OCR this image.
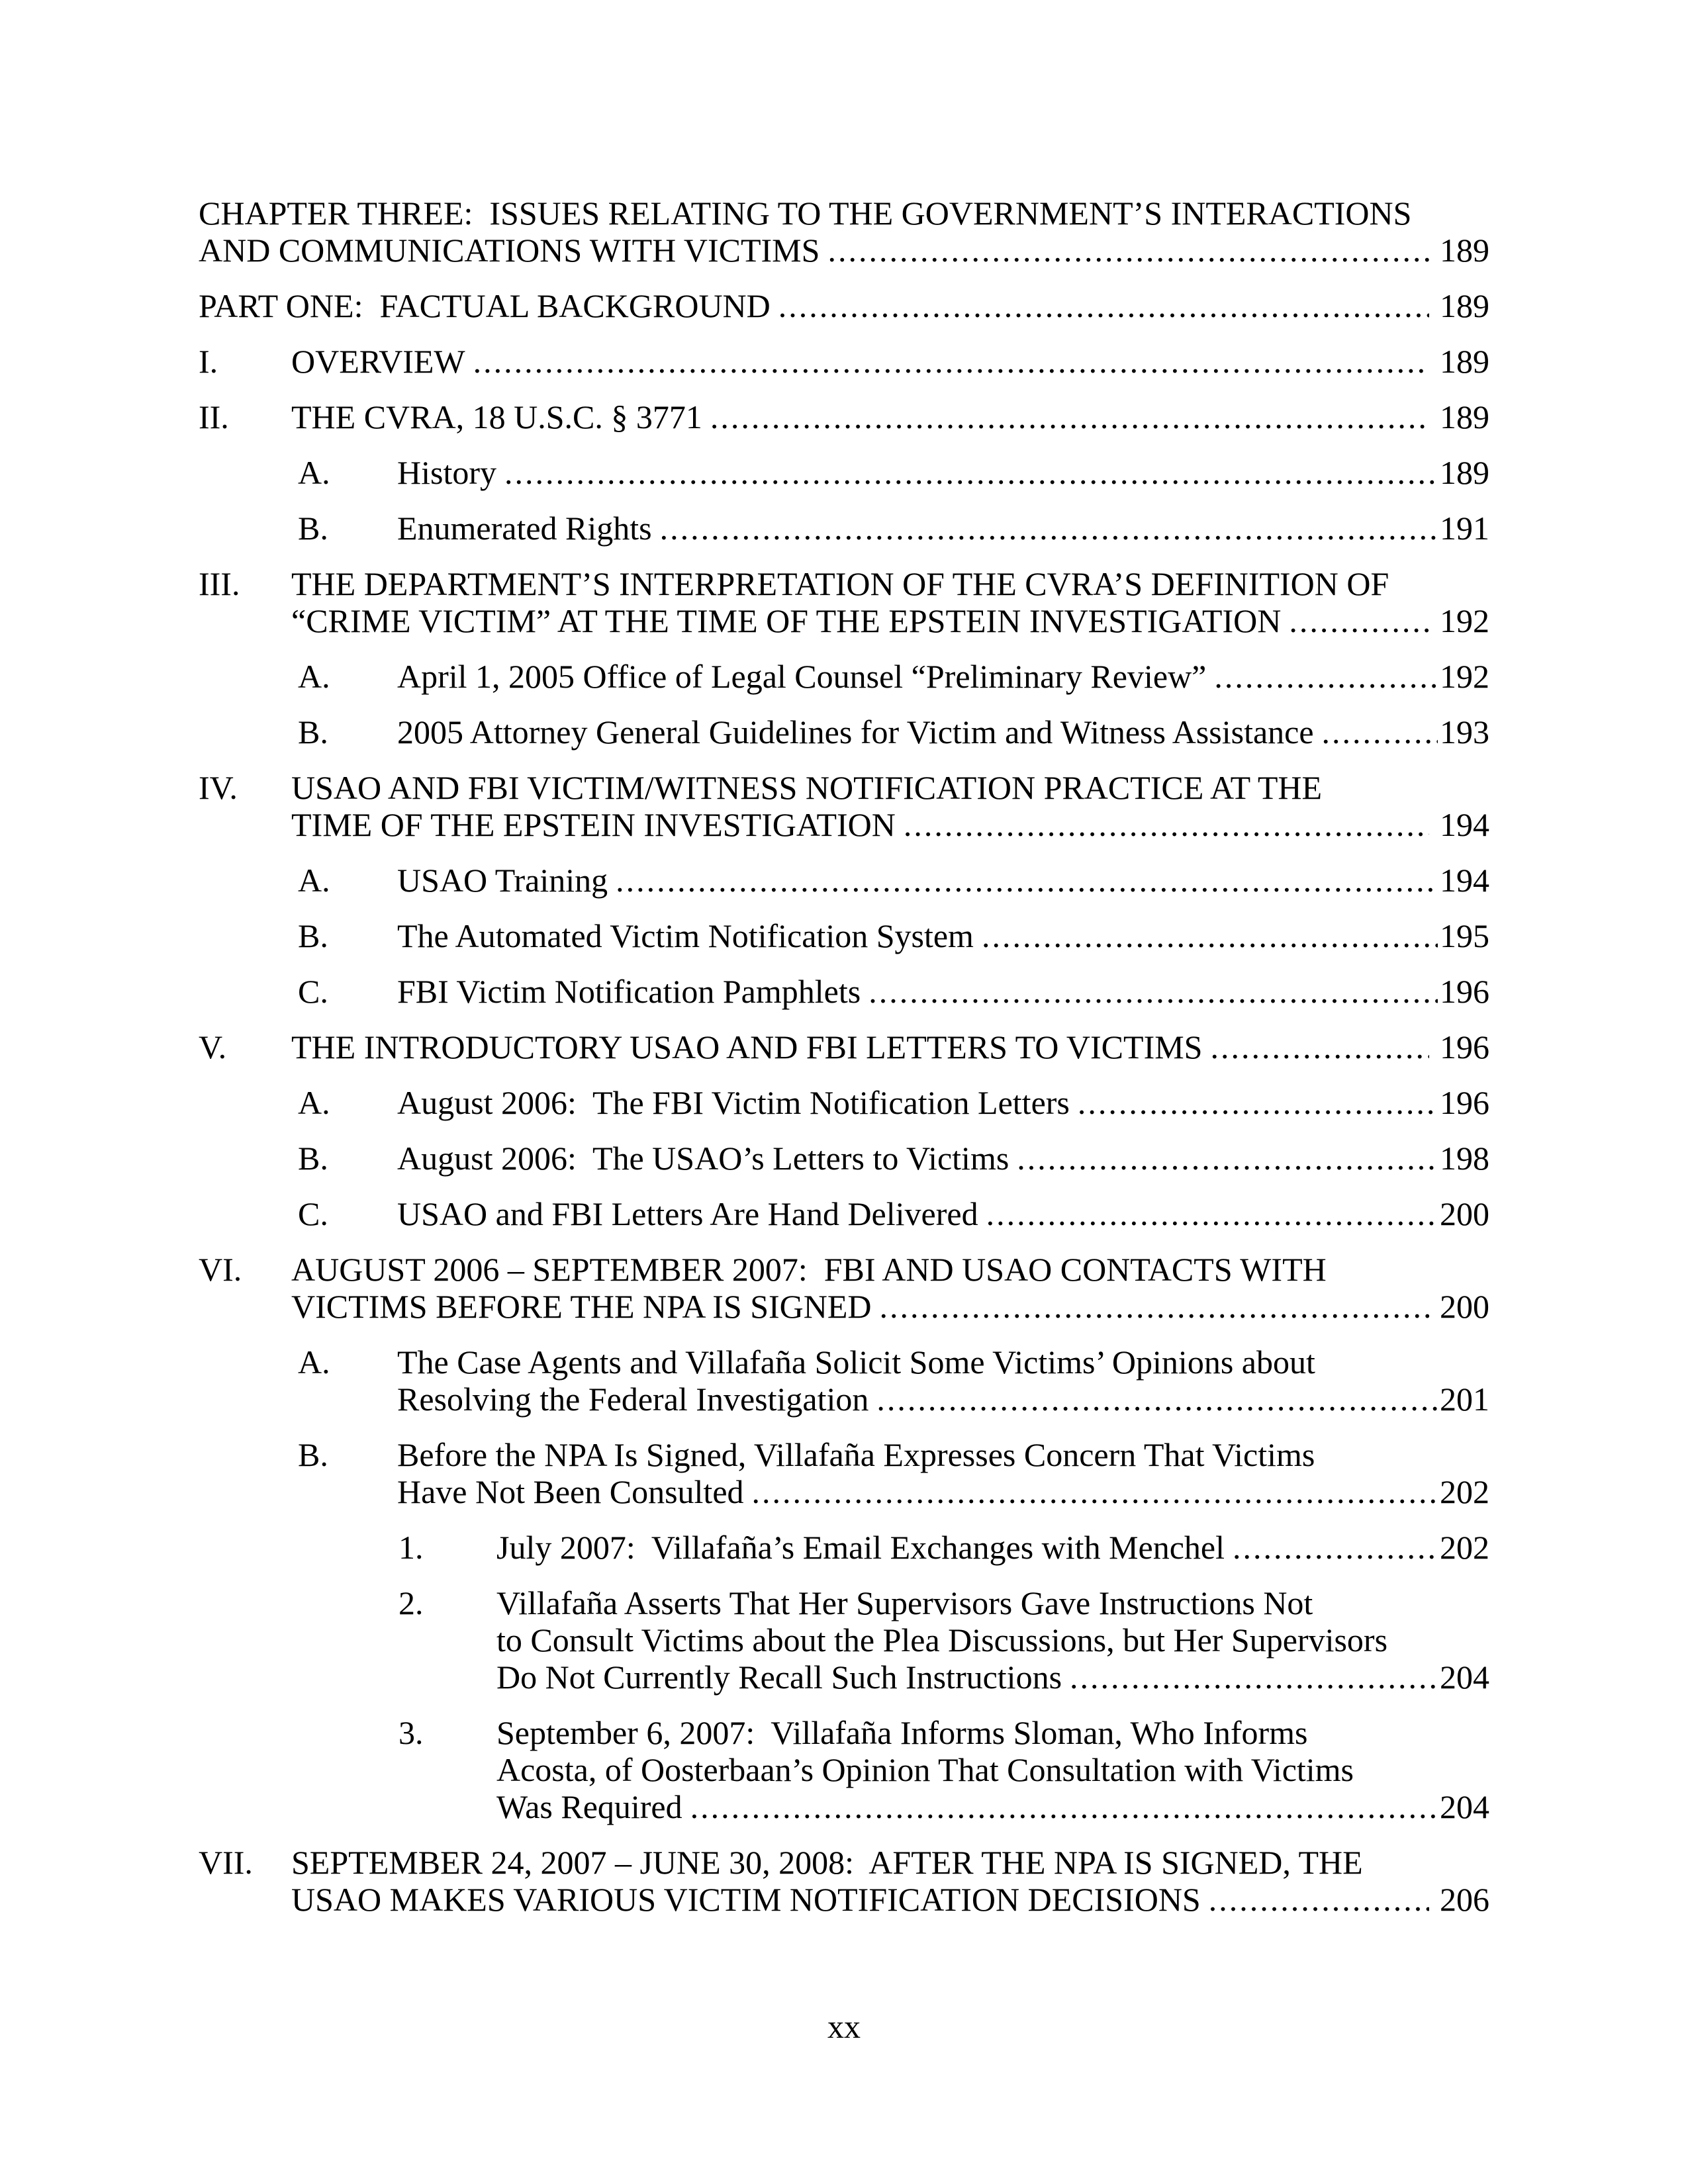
CHAPTER THREE:  ISSUES RELATING TO THE GOVERNMENT’S INTERACTIONS
AND COMMUNICATIONS WITH VICTIMS .....	189
PART ONE:  FACTUAL BACKGROUND .....	189
I. OVERVIEW .....	189
II. THE CVRA, 18 U.S.C. § 3771 .....	189
A. History .....	189
B. Enumerated Rights .....	191
III. THE DEPARTMENT’S INTERPRETATION OF THE CVRA’S DEFINITION OF
“CRIME VICTIM” AT THE TIME OF THE EPSTEIN INVESTIGATION .....	192
A. April 1, 2005 Office of Legal Counsel “Preliminary Review” .....	192
B. 2005 Attorney General Guidelines for Victim and Witness Assistance .....	193
IV. USAO AND FBI VICTIM/WITNESS NOTIFICATION PRACTICE AT THE
TIME OF THE EPSTEIN INVESTIGATION .....	194
A. USAO Training .....	194
B. The Automated Victim Notification System .....	195
C. FBI Victim Notification Pamphlets .....	196
V. THE INTRODUCTORY USAO AND FBI LETTERS TO VICTIMS .....	196
A. August 2006:  The FBI Victim Notification Letters .....	196
B. August 2006:  The USAO’s Letters to Victims .....	198
C. USAO and FBI Letters Are Hand Delivered .....	200
VI. AUGUST 2006 – SEPTEMBER 2007:  FBI AND USAO CONTACTS WITH
VICTIMS BEFORE THE NPA IS SIGNED .....	200
A. The Case Agents and Villafaña Solicit Some Victims’ Opinions about
Resolving the Federal Investigation .....	201
B. Before the NPA Is Signed, Villafaña Expresses Concern That Victims
Have Not Been Consulted .....	202
1. July 2007:  Villafaña’s Email Exchanges with Menchel .....	202
2. Villafaña Asserts That Her Supervisors Gave Instructions Not
to Consult Victims about the Plea Discussions, but Her Supervisors
Do Not Currently Recall Such Instructions .....	204
3. September 6, 2007:  Villafaña Informs Sloman, Who Informs
Acosta, of Oosterbaan’s Opinion That Consultation with Victims
Was Required .....	204
VII. SEPTEMBER 24, 2007 – JUNE 30, 2008:  AFTER THE NPA IS SIGNED, THE
USAO MAKES VARIOUS VICTIM NOTIFICATION DECISIONS .....	206
xx
